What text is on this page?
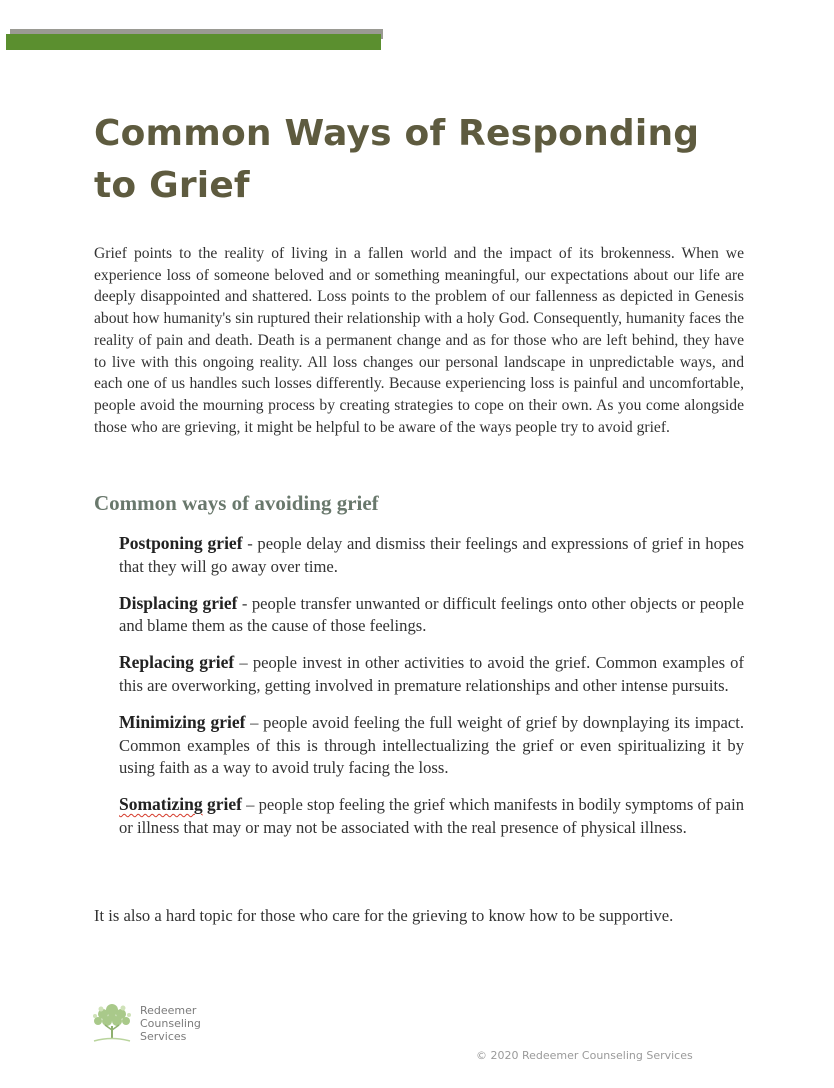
Common Ways of Responding to Grief

Grief points to the reality of living in a fallen world and the impact of its brokenness. When we experience loss of someone beloved and or something meaningful, our expectations about our life are deeply disappointed and shattered. Loss points to the problem of our fallenness as depicted in Genesis about how humanity's sin ruptured their relationship with a holy God. Consequently, humanity faces the reality of pain and death. Death is a permanent change and as for those who are left behind, they have to live with this ongoing reality. All loss changes our personal landscape in unpredictable ways, and each one of us handles such losses differently. Because experiencing loss is painful and uncomfortable, people avoid the mourning process by creating strategies to cope on their own. As you come alongside those who are grieving, it might be helpful to be aware of the ways people try to avoid grief.

Common ways of avoiding grief

Postponing grief - people delay and dismiss their feelings and expressions of grief in hopes that they will go away over time.

Displacing grief - people transfer unwanted or difficult feelings onto other objects or people and blame them as the cause of those feelings.

Replacing grief – people invest in other activities to avoid the grief. Common examples of this are overworking, getting involved in premature relationships and other intense pursuits.

Minimizing grief – people avoid feeling the full weight of grief by downplaying its impact. Common examples of this is through intellectualizing the grief or even spiritualizing it by using faith as a way to avoid truly facing the loss.

Somatizing grief – people stop feeling the grief which manifests in bodily symptoms of pain or illness that may or may not be associated with the real presence of physical illness.

It is also a hard topic for those who care for the grieving to know how to be supportive.

Redeemer
Counseling
Services
© 2020 Redeemer Counseling Services
